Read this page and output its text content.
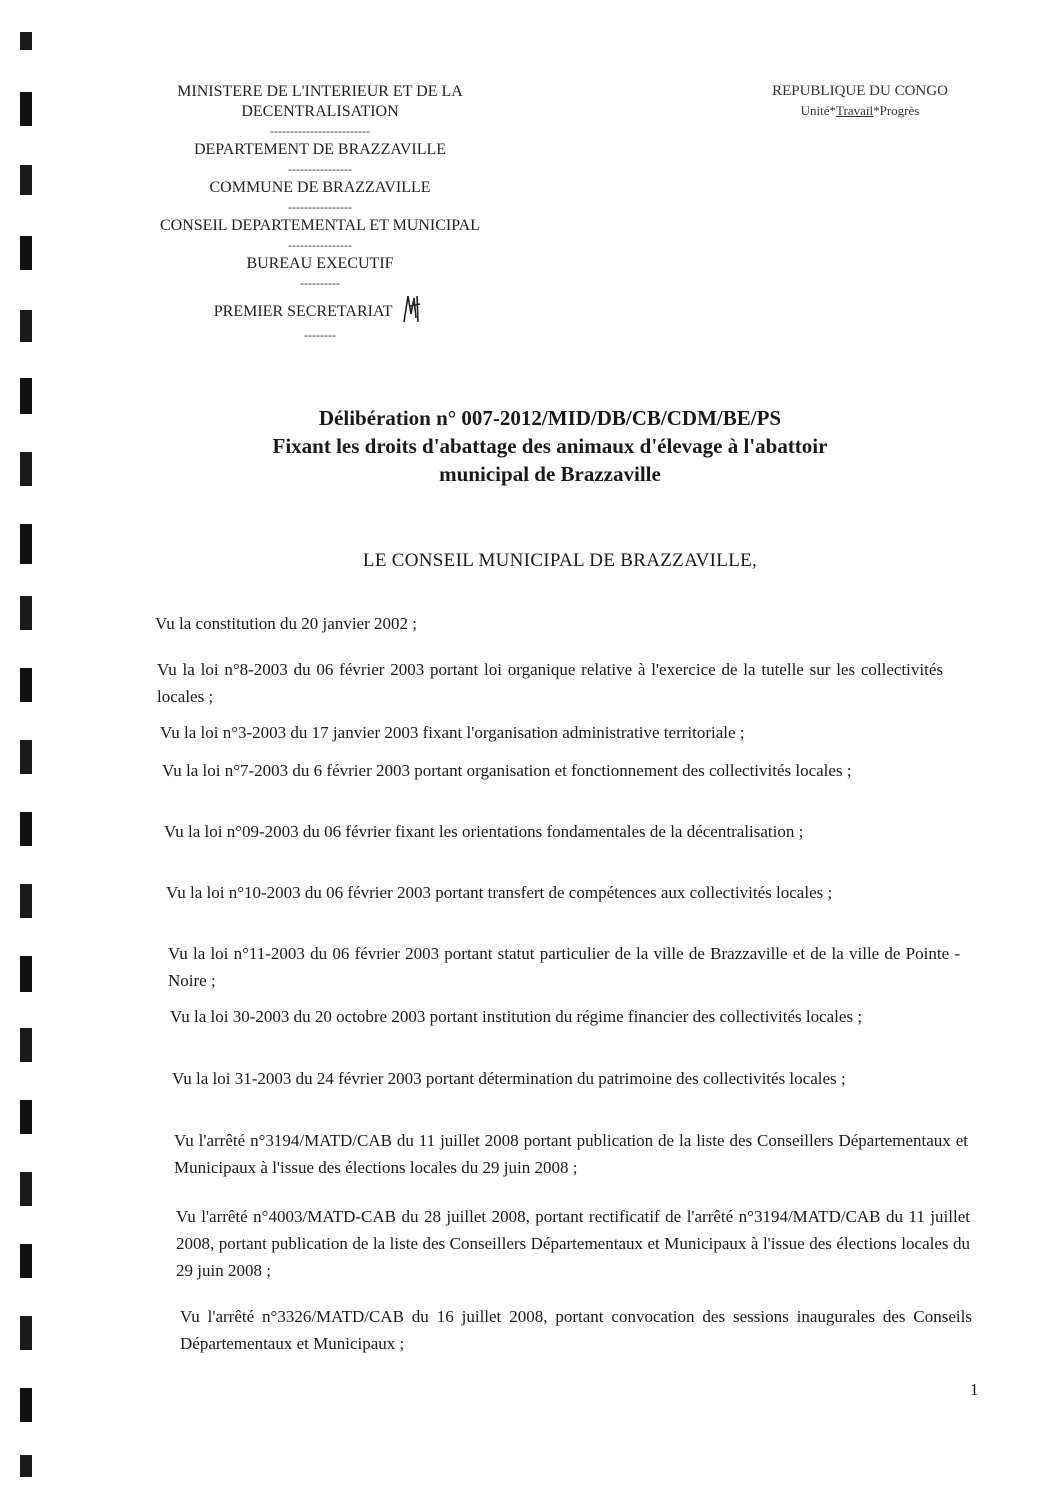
MINISTERE DE L'INTERIEUR ET DE LA
DECENTRALISATION
-------------------------
DEPARTEMENT DE BRAZZAVILLE
----------------
COMMUNE DE BRAZZAVILLE
----------------
CONSEIL DEPARTEMENTAL ET MUNICIPAL
----------------
BUREAU EXECUTIF
----------
PREMIER SECRETARIAT
--------
REPUBLIQUE DU CONGO
Unité*Travail*Progrès
Délibération n° 007-2012/MID/DB/CB/CDM/BE/PS
Fixant les droits d'abattage des animaux d'élevage à l'abattoir
municipal de Brazzaville
LE CONSEIL MUNICIPAL DE BRAZZAVILLE,
Vu la constitution du 20 janvier 2002 ;
Vu la loi n°8-2003 du 06 février 2003 portant loi organique relative à l'exercice de la tutelle sur les collectivités locales ;
Vu la loi n°3-2003 du 17 janvier 2003 fixant l'organisation administrative territoriale ;
Vu la loi n°7-2003 du 6 février 2003 portant organisation et fonctionnement des collectivités locales ;
Vu la loi n°09-2003 du 06 février fixant les orientations fondamentales de la décentralisation ;
Vu la loi n°10-2003 du 06 février 2003 portant transfert de compétences aux collectivités locales ;
Vu la loi n°11-2003 du 06 février 2003 portant statut particulier de la ville de Brazzaville et de la ville de Pointe -Noire ;
Vu la loi 30-2003 du 20 octobre 2003 portant institution du régime financier des collectivités locales ;
Vu la loi 31-2003 du 24 février 2003 portant détermination du patrimoine des collectivités locales ;
Vu l'arrêté n°3194/MATD/CAB du 11 juillet 2008 portant publication de la liste des Conseillers Départementaux et Municipaux à l'issue des élections locales du 29 juin 2008 ;
Vu l'arrêté n°4003/MATD-CAB du 28 juillet 2008, portant rectificatif de l'arrêté n°3194/MATD/CAB du 11 juillet 2008, portant publication de la liste des Conseillers Départementaux et Municipaux à l'issue des élections locales du 29 juin 2008 ;
Vu l'arrêté n°3326/MATD/CAB du 16 juillet 2008, portant convocation des sessions inaugurales des Conseils Départementaux et Municipaux ;
1
